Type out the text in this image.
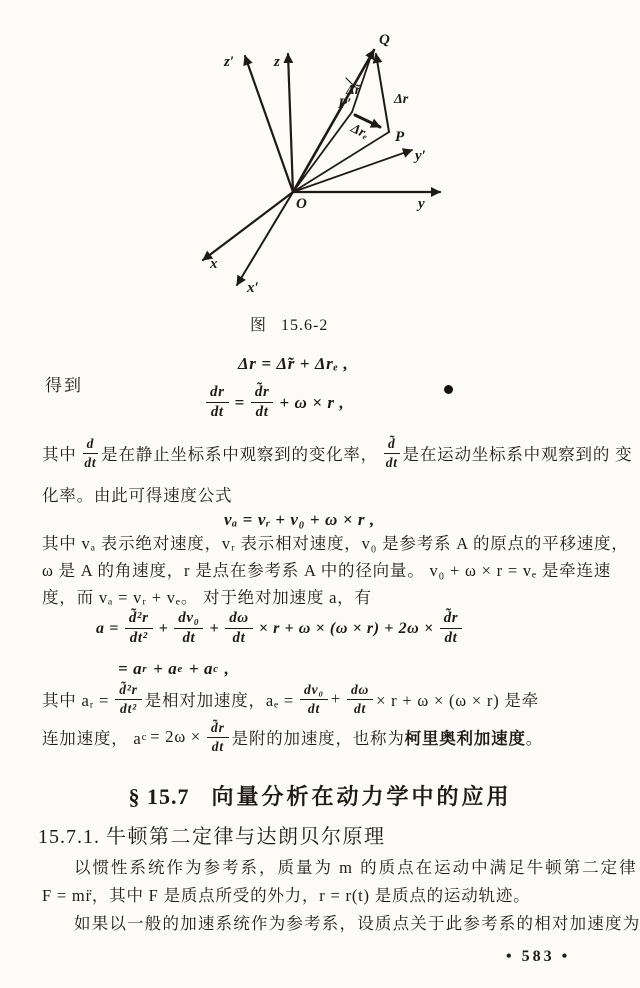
z
z′
y
y′
x
x′
O
Q
P
P′	Δr
Δ̃r
Δrₑ
图 15.6-2
Δr = Δ̃r + Δrₑ ,
得到	$\frac{dr}{dt} = \frac{d̃r}{dt} + \omega \times r$ ,
其中 $\frac{d}{dt}$ 是在静止坐标系中观察到的变化率， $\frac{d̃}{dt}$ 是在运动坐标系中观察到的 变
化率。由此可得速度公式
vₐ = vᵣ + v₀ + ω × r ,
其中 vₐ 表示绝对速度，vᵣ 表示相对速度，v₀ 是参考系 A 的原点的平移速度，
ω 是 A 的角速度，r 是点在参考系 A 中的径向量。 v₀ + ω × r = vₑ 是牵连速
度，而 vₐ = vᵣ + vₑ。 对于绝对加速度 a，有
$a = \frac{\text{d̃²r}}{\text{dt²}} + \frac{\text{dv₀}}{dt} + \frac{d\omega}{dt} \times r + \omega \times (\omega \times r) + 2\omega \times \frac{d̃r}{dt}$
= a r + a e + a c ,
其中 aᵣ = $\frac{\text{d̃²r}}{\text{dt²}}$ 是相对加速度，$a_e = \frac{\text{dv₀}}{dt} + \frac{d\omega}{dt} \times r + \omega \times (\omega \times r)$ 是牵
连加速度， a $c = 2\omega \times \frac{d̃r}{dt}$ 是附的加速度，也称为 柯里奥利加速度 。
§ 15.7 向量分析在动力学中的应用
15.7.1. 牛顿第二定律与达朗贝尔原理
以惯性系统作为参考系，质量为 m 的质点在运动中满足牛顿第二定律
F = mr̈，其中 F 是质点所受的外力，r = r(t) 是质点的运动轨迹。
如果以一般的加速系统作为参考系，设质点关于此参考系的相对加速度为
• 583 •
